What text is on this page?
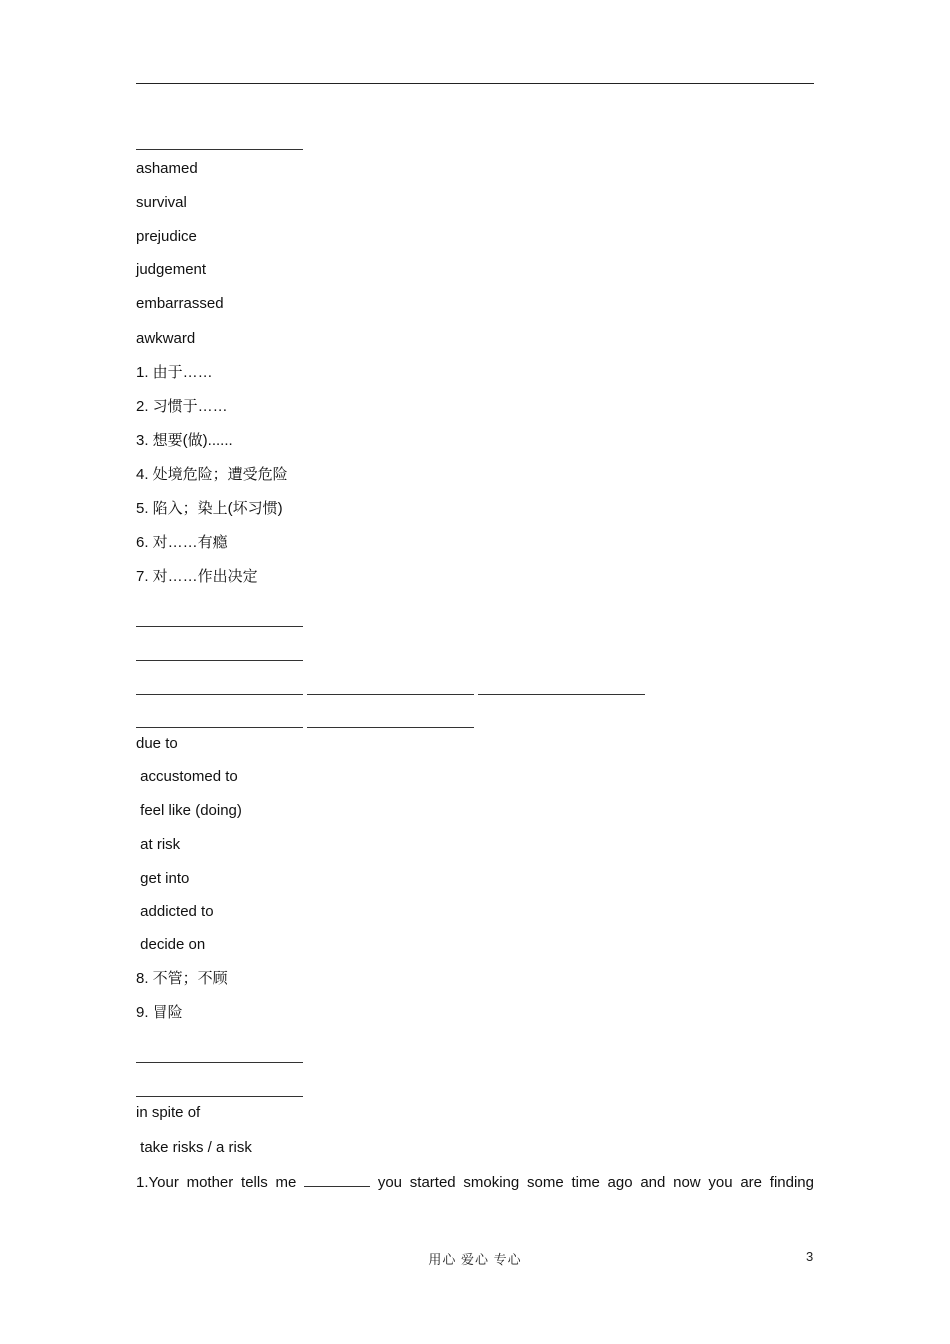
ashamed
survival
prejudice
judgement
embarrassed
awkward
1. 由于……
2. 习惯于……
3. 想要(做)......
4. 处境危险；遭受危险
5. 陷入；染上(坏习惯)
6. 对……有瘾
7. 对……作出决定
due to
accustomed to
feel like (doing)
at risk
get into
addicted to
decide on
8. 不管；不顾
9. 冒险
in spite of
take risks / a risk
1.Your mother tells me	you started smoking some time ago and now you are finding
用心 爱心 专心	3
